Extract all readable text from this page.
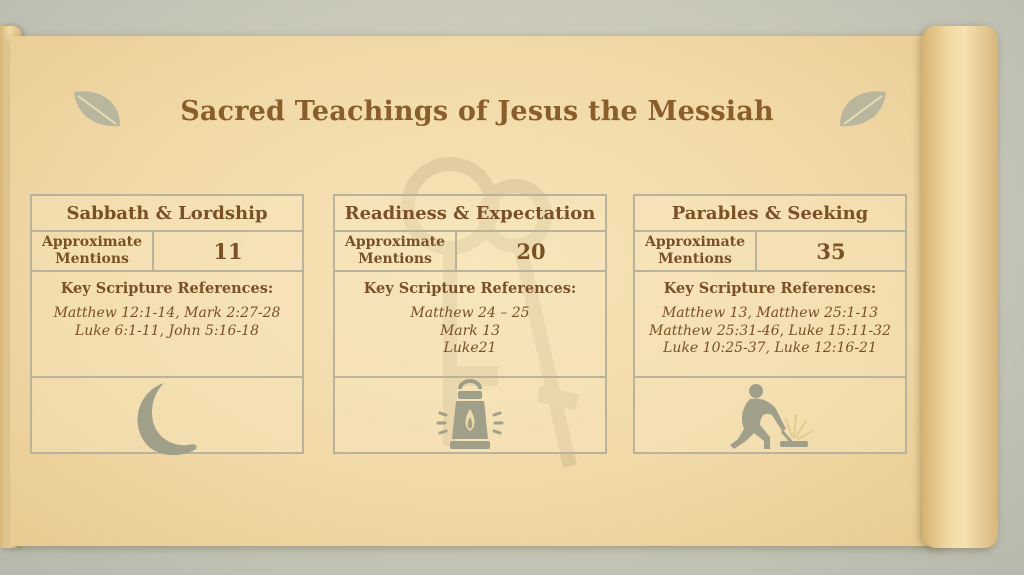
Sacred Teachings of Jesus the Messiah
Sabbath & Lordship
Approximate
Mentions	11
Key Scripture References:
Matthew 12:1-14, Mark 2:27-28
Luke 6:1-11, John 5:16-18
Readiness & Expectation
Approximate
Mentions	20
Key Scripture References:
Matthew 24 – 25
Mark 13
Luke21
Parables & Seeking
Approximate
Mentions	35
Key Scripture References:
Matthew 13, Matthew 25:1-13
Matthew 25:31-46, Luke 15:11-32
Luke 10:25-37, Luke 12:16-21
